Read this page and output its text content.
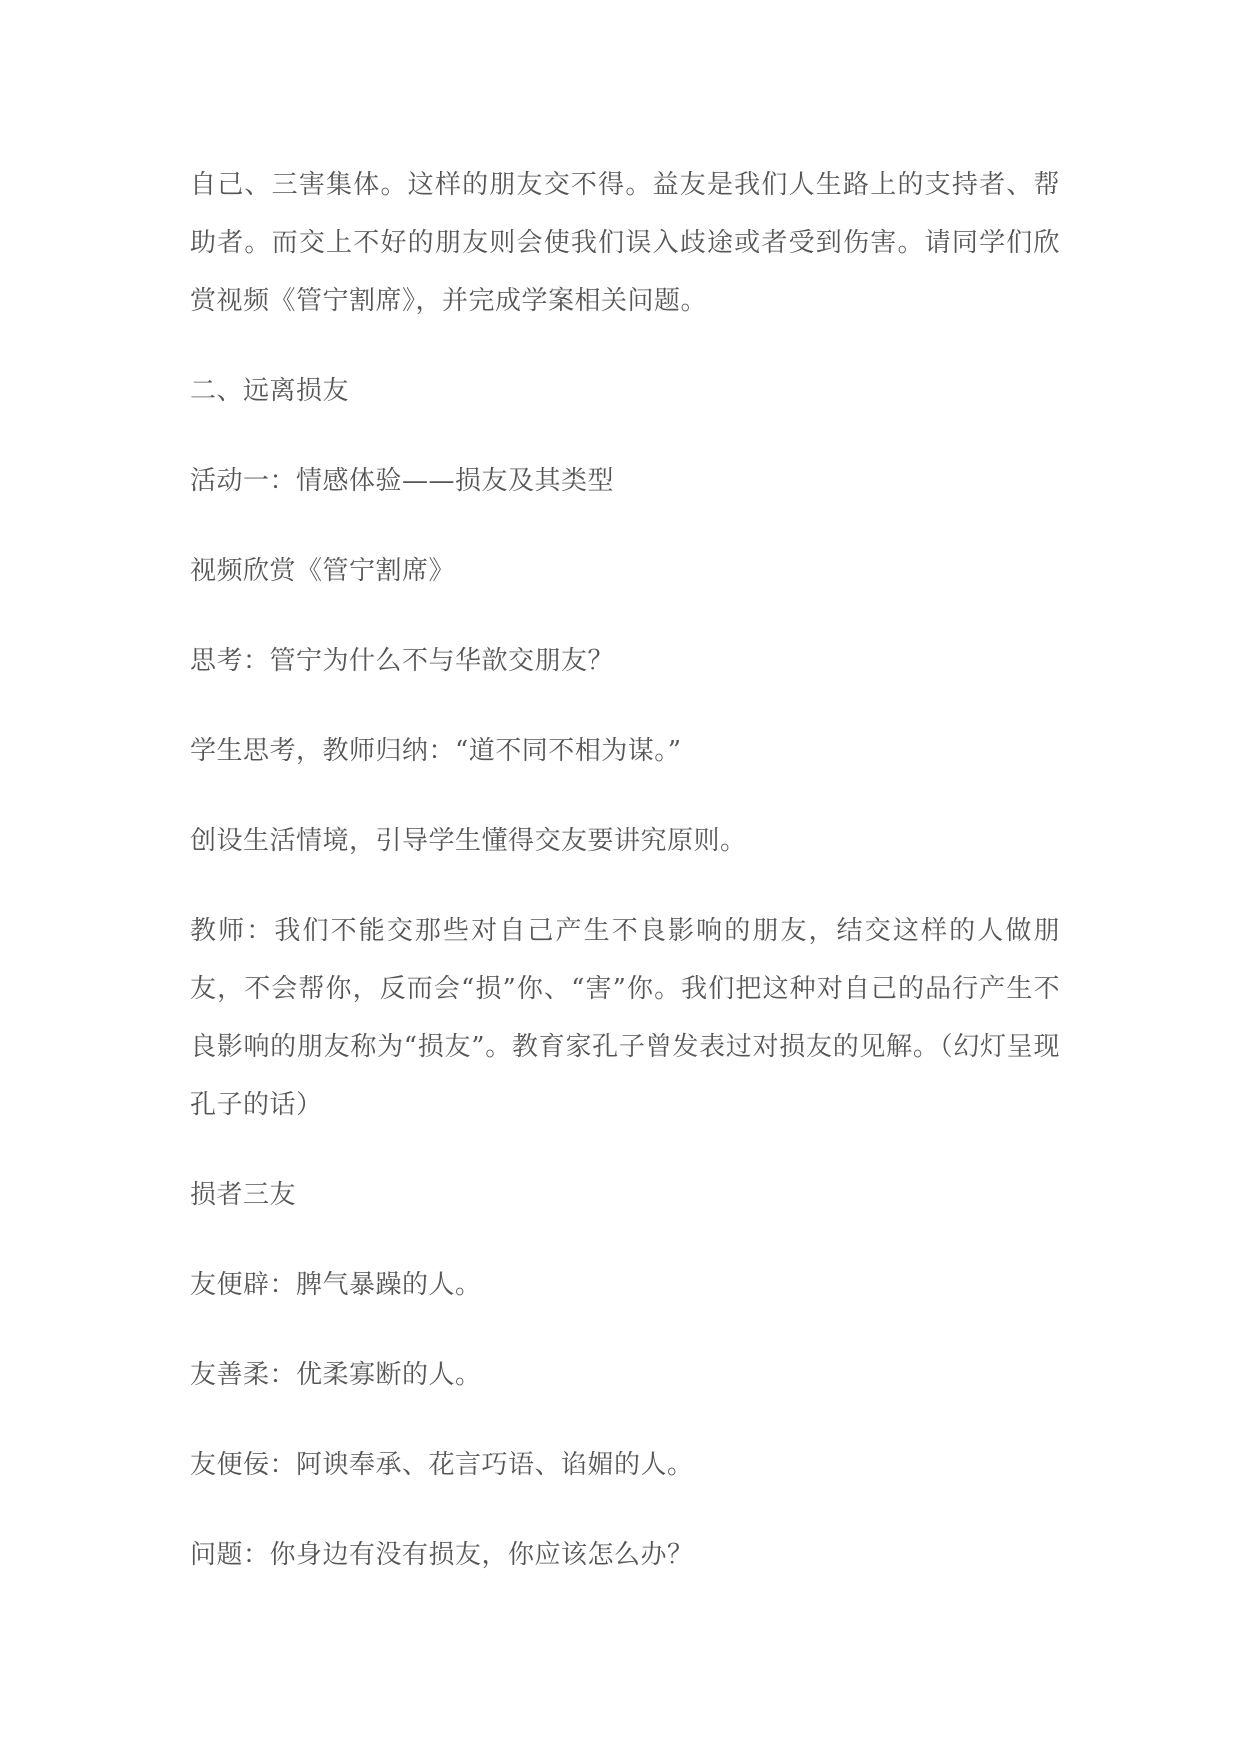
自己、三害集体。这样的朋友交不得。益友是我们人生路上的支持者、帮助者。而交上不好的朋友则会使我们误入歧途或者受到伤害。请同学们欣赏视频《管宁割席》，并完成学案相关问题。

二、远离损友

活动一：情感体验——损友及其类型

视频欣赏《管宁割席》

思考：管宁为什么不与华歆交朋友？

学生思考，教师归纳：“道不同不相为谋。”

创设生活情境，引导学生懂得交友要讲究原则。

教师：我们不能交那些对自己产生不良影响的朋友，结交这样的人做朋友，不会帮你，反而会“损”你、“害”你。我们把这种对自己的品行产生不良影响的朋友称为“损友”。教育家孔子曾发表过对损友的见解。（幻灯呈现孔子的话）

损者三友

友便辟：脾气暴躁的人。

友善柔：优柔寡断的人。

友便佞：阿谀奉承、花言巧语、谄媚的人。

问题：你身边有没有损友，你应该怎么办？
